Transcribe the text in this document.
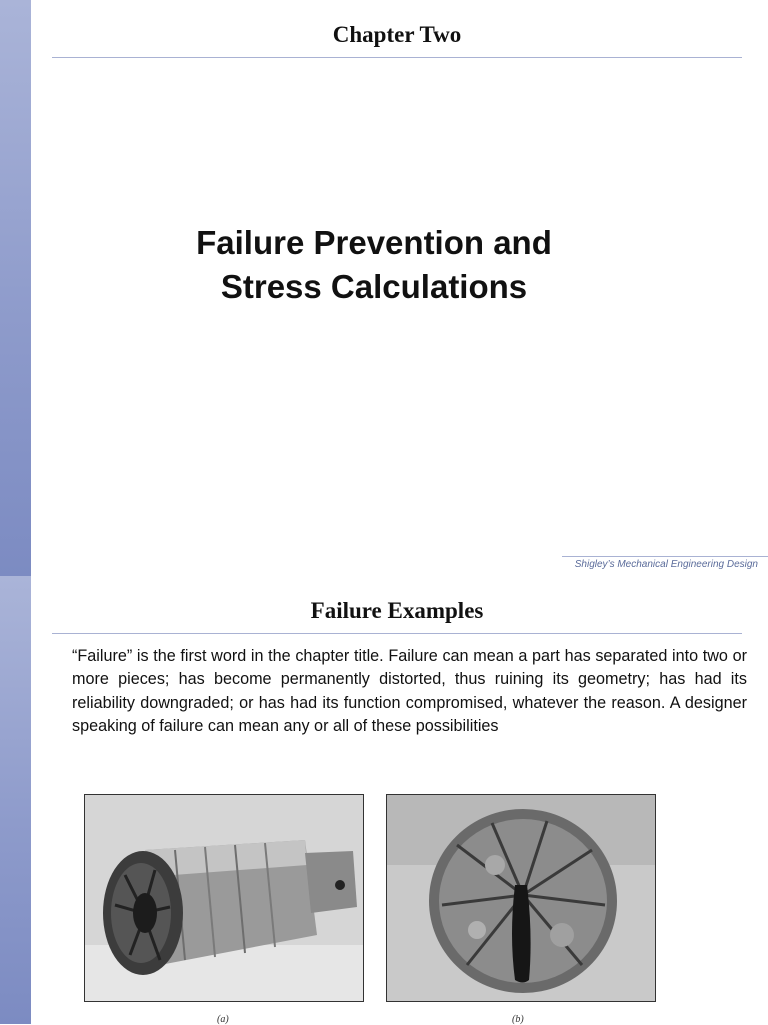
Chapter Two
Failure Prevention and
Stress Calculations
Shigley’s Mechanical Engineering Design
Failure Examples
“Failure” is the first word in the chapter title. Failure can mean a part has separated into two or more pieces; has become permanently distorted, thus ruining its geometry; has had its reliability downgraded; or has had its function compromised, whatever the reason. A designer speaking of failure can mean any or all of these possibilities
(a)	(b)
